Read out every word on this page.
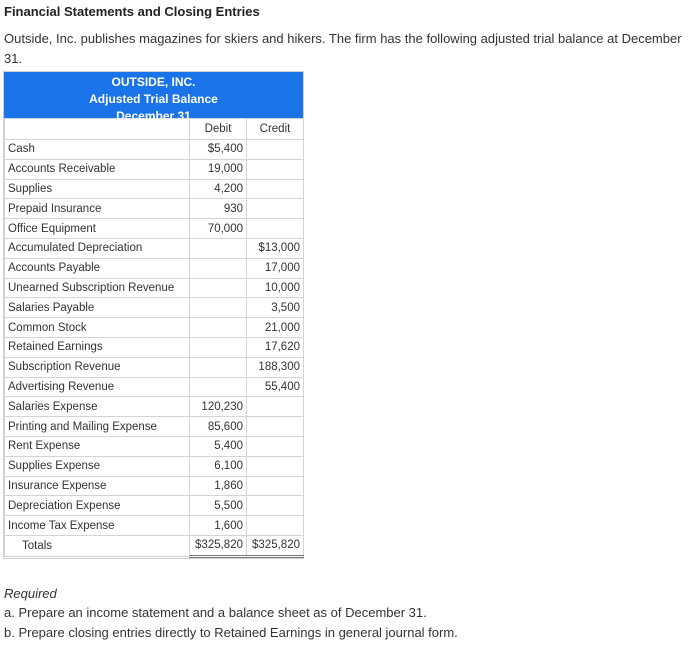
Financial Statements and Closing Entries
Outside, Inc. publishes magazines for skiers and hikers. The firm has the following adjusted trial balance at December 31.
OUTSIDE, INC.
Adjusted Trial Balance
December 31
	Debit	Credit
Cash	$5,400	
Accounts Receivable	19,000	
Supplies	4,200	
Prepaid Insurance	930	
Office Equipment	70,000	
Accumulated Depreciation		$13,000
Accounts Payable		17,000
Unearned Subscription Revenue		10,000
Salaries Payable		3,500
Common Stock		21,000
Retained Earnings		17,620
Subscription Revenue		188,300
Advertising Revenue		55,400
Salaries Expense	120,230	
Printing and Mailing Expense	85,600	
Rent Expense	5,400	
Supplies Expense	6,100	
Insurance Expense	1,860	
Depreciation Expense	5,500	
Income Tax Expense	1,600	
Totals	$325,820	$325,820
Required
a. Prepare an income statement and a balance sheet as of December 31.
b. Prepare closing entries directly to Retained Earnings in general journal form.
